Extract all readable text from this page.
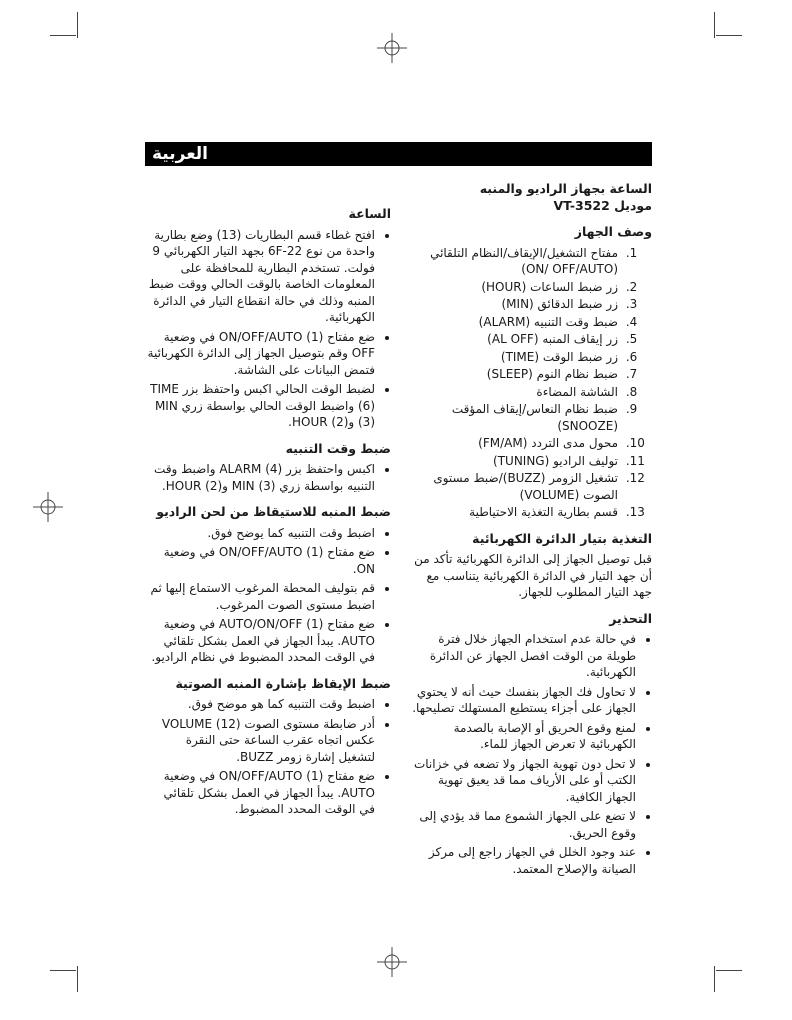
العربية
الساعة بجهاز الراديو والمنبه
موديل VT-3522
وصف الجهاز
1. مفتاح التشغيل/الإيقاف/النظام التلقائي (ON/ OFF/AUTO)
2. زر ضبط الساعات (HOUR)
3. زر ضبط الدقائق (MIN)
4. ضبط وقت التنبيه (ALARM)
5. زر إيقاف المنبه (AL OFF)
6. زر ضبط الوقت (TIME)
7. ضبط نظام النوم (SLEEP)
8. الشاشة المضاءة
9. ضبط نظام النعاس/إيقاف المؤقت (SNOOZE)
10. محول مدى التردد (FM/AM)
11. توليف الراديو (TUNING)
12. تشغيل الزومر (BUZZ)/ضبط مستوى الصوت (VOLUME)
13. قسم بطارية التغذية الاحتياطية
التغذية بتيار الدائرة الكهربائية

قبل توصيل الجهاز إلى الدائرة الكهربائية تأكد من أن جهد التيار في الدائرة الكهربائية يتناسب مع جهد التيار المطلوب للجهاز.

التحذير
• في حالة عدم استخدام الجهاز خلال فترة طويلة من الوقت افصل الجهاز عن الدائرة الكهربائية.
• لا تحاول فك الجهاز بنفسك حيث أنه لا يحتوي الجهاز على أجزاء يستطيع المستهلك تصليحها.
• لمنع وقوع الحريق أو الإصابة بالصدمة الكهربائية لا تعرض الجهاز للماء.
• لا تحل دون تهوية الجهاز ولا تضعه في خزانات الكتب أو على الأرياف مما قد يعيق تهوية الجهاز الكافية.
• لا تضع على الجهاز الشموع مما قد يؤدي إلى وقوع الحريق.
• عند وجود الخلل في الجهاز راجع إلى مركز الصيانة والإصلاح المعتمد.
الساعة
• افتح غطاء قسم البطاريات (13) وضع بطارية واحدة من نوع 6F-22 بجهد التيار الكهربائي 9 فولت. تستخدم البطارية للمحافظة على المعلومات الخاصة بالوقت الحالي ووقت ضبط المنبه وذلك في حالة انقطاع التيار في الدائرة الكهربائية.
• ضع مفتاح ON/OFF/AUTO (1) في وضعية OFF وقم بتوصيل الجهاز إلى الدائرة الكهربائية فتمض البيانات على الشاشة.
• لضبط الوقت الحالي اكبس واحتفظ بزر TIME (6) واضبط الوقت الحالي بواسطة زري MIN (3) وHOUR (2).
ضبط وقت التنبيه
• اكبس واحتفظ بزر ALARM (4) واضبط وقت التنبيه بواسطة زري MIN (3) وHOUR (2).
ضبط المنبه للاستيقاظ من لحن الراديو
• اضبط وقت التنبيه كما يوضح فوق.
• ضع مفتاح ON/OFF/AUTO (1) في وضعية ON.
• قم بتوليف المحطة المرغوب الاستماع إليها ثم اضبط مستوى الصوت المرغوب.
• ضع مفتاح AUTO/ON/OFF (1) في وضعية AUTO. يبدأ الجهاز في العمل بشكل تلقائي في الوقت المحدد المضبوط في نظام الراديو.
ضبط الإيقاظ بإشارة المنبه الصوتية
• اضبط وقت التنبيه كما هو موضح فوق.
• أدر ضابطة مستوى الصوت VOLUME (12) عكس اتجاه عقرب الساعة حتى النقرة لتشغيل إشارة زومر BUZZ.
• ضع مفتاح ON/OFF/AUTO (1) في وضعية AUTO. يبدأ الجهاز في العمل بشكل تلقائي في الوقت المحدد المضبوط.
